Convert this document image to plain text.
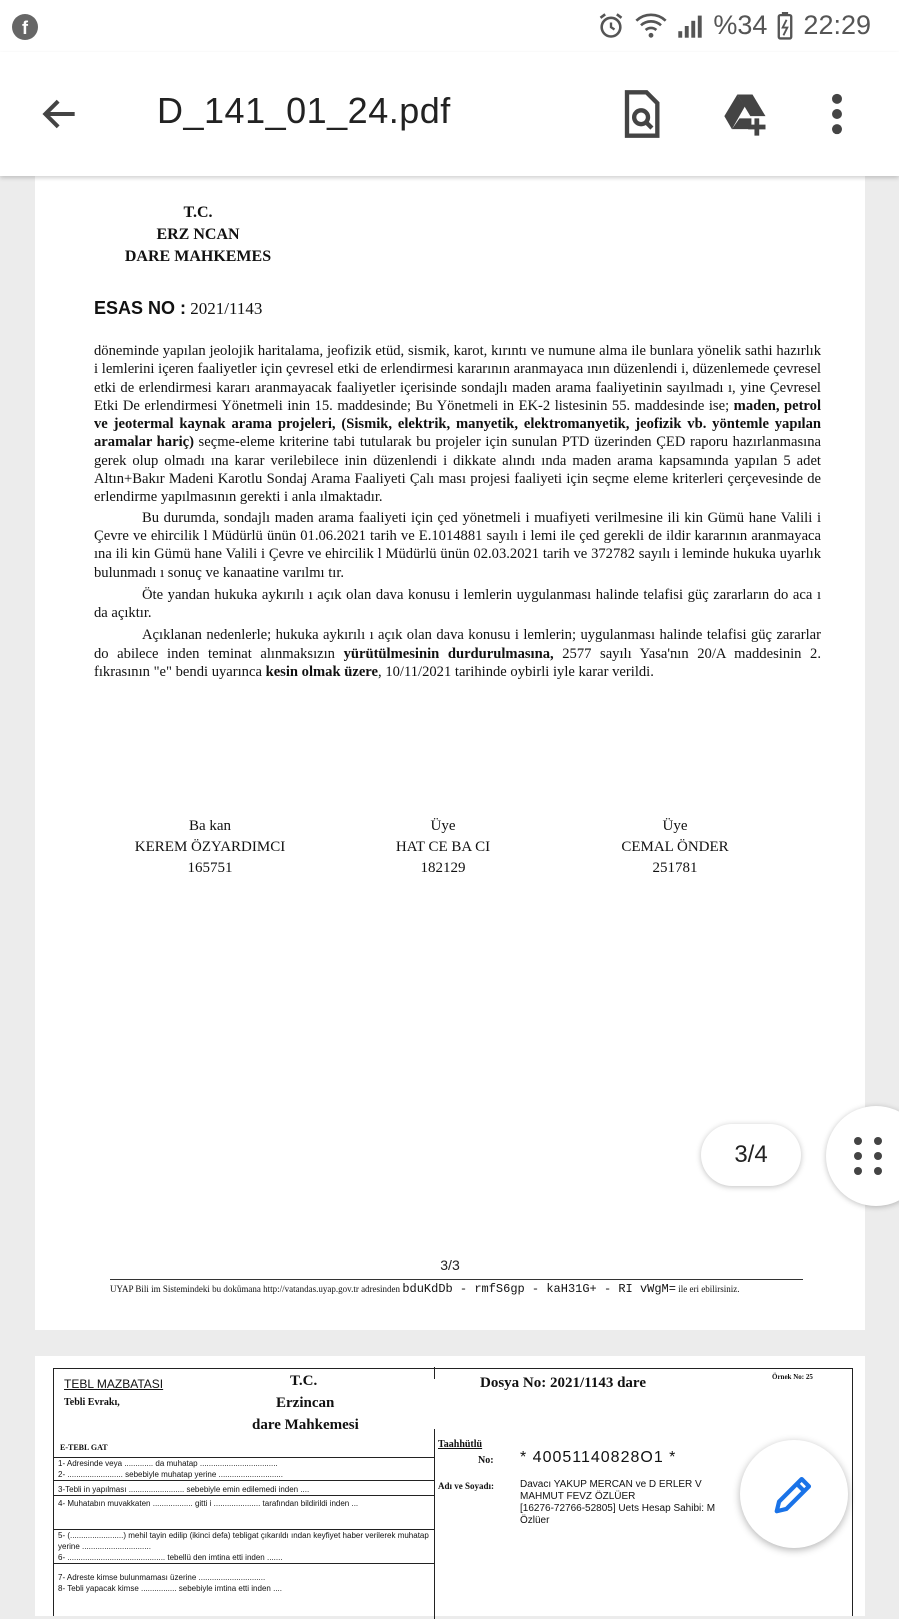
f	%34 22:29
D_141_01_24.pdf
T.C.
ERZ NCAN
DARE MAHKEMES
ESAS NO : 2021/1143

döneminde yapılan jeolojik haritalama, jeofizik etüd, sismik, karot, kırıntı ve numune alma ile bunlara yönelik sathi hazırlık i lemlerini içeren faaliyetler için çevresel etki de erlendirmesi kararının aranmayaca ının düzenlendi i, düzenlemede çevresel etki de erlendirmesi kararı aranmayacak faaliyetler içerisinde sondajlı maden arama faaliyetinin sayılmadı ı, yine Çevresel Etki De erlendirmesi Yönetmeli inin 15. maddesinde; Bu Yönetmeli in EK-2 listesinin 55. maddesinde ise; maden, petrol ve jeotermal kaynak arama projeleri, (Sismik, elektrik, manyetik, elektromanyetik, jeofizik vb. yöntemle yapılan aramalar hariç) seçme-eleme kriterine tabi tutularak bu projeler için sunulan PTD üzerinden ÇED raporu hazırlanmasına gerek olup olmadı ına karar verilebilece inin düzenlendi i dikkate alındı ında maden arama kapsamında yapılan 5 adet Altın+Bakır Madeni Karotlu Sondaj Arama Faaliyeti Çalı ması projesi faaliyeti için seçme eleme kriterleri çerçevesinde de erlendirme yapılmasının gerekti i anla ılmaktadır.

Bu durumda, sondajlı maden arama faaliyeti için çed yönetmeli i muafiyeti verilmesine ili kin Gümü hane Valili i Çevre ve ehircilik l Müdürlü ünün 01.06.2021 tarih ve E.1014881 sayılı i lemi ile çed gerekli de ildir kararının aranmayaca ına ili kin Gümü hane Valili i Çevre ve ehircilik l Müdürlü ünün 02.03.2021 tarih ve 372782 sayılı i leminde hukuka uyarlık bulunmadı ı sonuç ve kanaatine varılmı tır.

Öte yandan hukuka aykırılı ı açık olan dava konusu i lemlerin uygulanması halinde telafisi güç zararların do aca ı da açıktır.

Açıklanan nedenlerle; hukuka aykırılı ı açık olan dava konusu i lemlerin; uygulanması halinde telafisi güç zararlar do abilece inden teminat alınmaksızın yürütülmesinin durdurulmasına, 2577 sayılı Yasa'nın 20/A maddesinin 2. fıkrasının "e" bendi uyarınca kesin olmak üzere, 10/11/2021 tarihinde oybirli iyle karar verildi.

Ba kan
KEREM ÖZYARDIMCI
165751
Üye
HAT CE BA CI
182129
Üye
CEMAL ÖNDER
251781
3/3
UYAP Bili im Sistemindeki bu dokümana http://vatandas.uyap.gov.tr adresinden bduKdDb - rmfS6gp - kaH31G+ - RI vWgM= ile eri ebilirsiniz.
TEBL MAZBATASI
Tebli Evrakı,
T.C.
Erzincan
dare Mahkemesi
Dosya No: 2021/1143 dare	Örnek No: 25
E-TEBL GAT	Taahhütlü
No: * 40051140828O1 *
Adı ve Soyadı:	Davacı YAKUP MERCAN ve D ERLER V
MAHMUT FEVZ ÖZLÜER
[16276-72766-52805] Uets Hesap Sahibi: M
Özlüer
1- Adresinde veya ............. da muhatap ...................................
2- ......................... sebebiyle muhatap yerine .............................
3-Tebli in yapılması ......................... sebebiyle emin edilemedi inden ....
4- Muhatabın muvakkaten .................. gitti i ..................... tarafından bildirildi inden ...
5- (........................) mehil tayin edilip (ikinci defa) tebligat çıkarıldı ından keyfiyet haber verilerek muhatap yerine ...............................
6- ............................................ tebellü den imtina etti inden .......
7- Adreste kimse bulunmaması üzerine ..............................
8- Tebli yapacak kimse ................ sebebiyle imtina etti inden ....
3/4
